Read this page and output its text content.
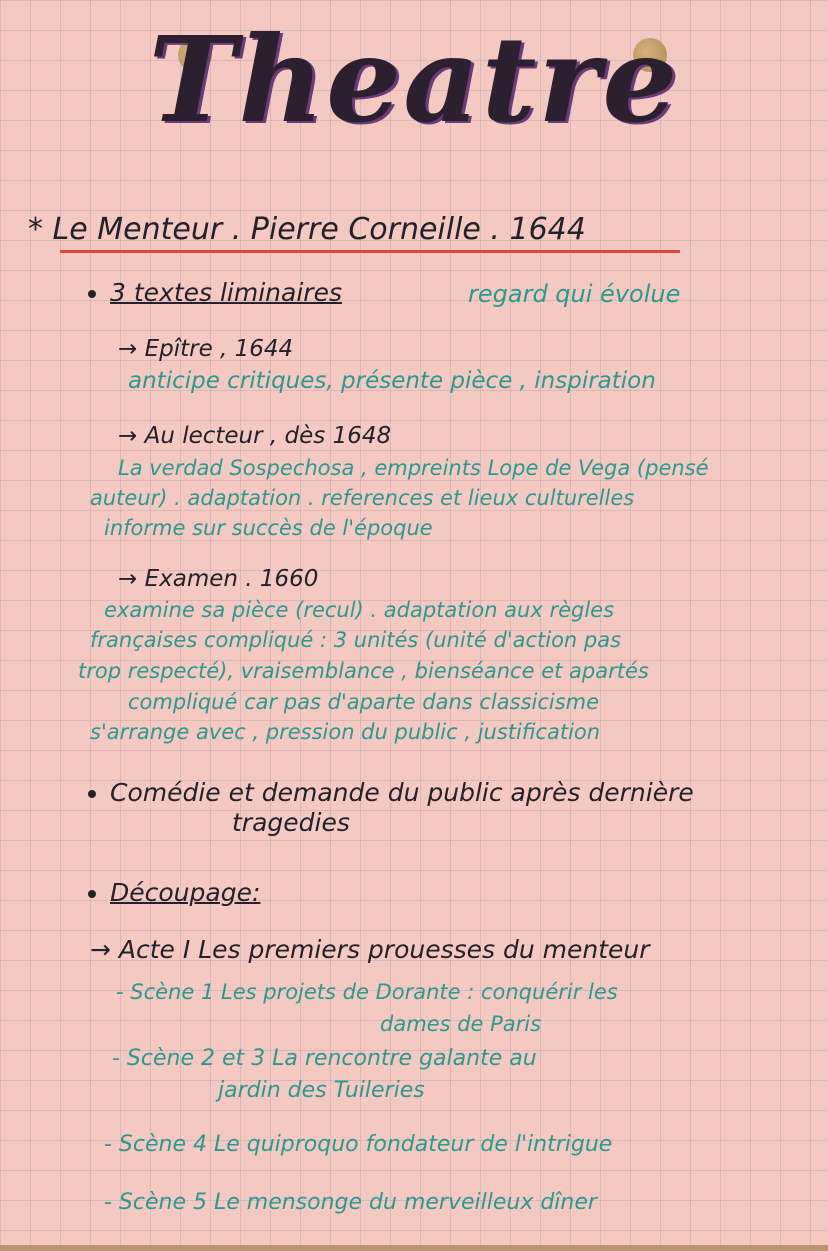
Theatre
* Le Menteur . Pierre Corneille . 1644
3 textes liminaires	regard qui évolue
→ Epître , 1644
anticipe critiques, présente pièce , inspiration
→ Au lecteur , dès 1648
La verdad Sospechosa , empreints Lope de Vega (pensé
auteur) . adaptation . references et lieux culturelles
informe sur succès de l'époque
→ Examen . 1660
examine sa pièce (recul) . adaptation aux règles
françaises compliqué : 3 unités (unité d'action pas
trop respecté), vraisemblance , bienséance et apartés
compliqué car pas d'aparte dans classicisme
s'arrange avec , pression du public , justification
Comédie et demande du public après dernière
tragedies
Découpage:
→ Acte I Les premiers prouesses du menteur
- Scène 1 Les projets de Dorante : conquérir les
dames de Paris
- Scène 2 et 3 La rencontre galante au
jardin des Tuileries
- Scène 4 Le quiproquo fondateur de l'intrigue
- Scène 5 Le mensonge du merveilleux dîner
